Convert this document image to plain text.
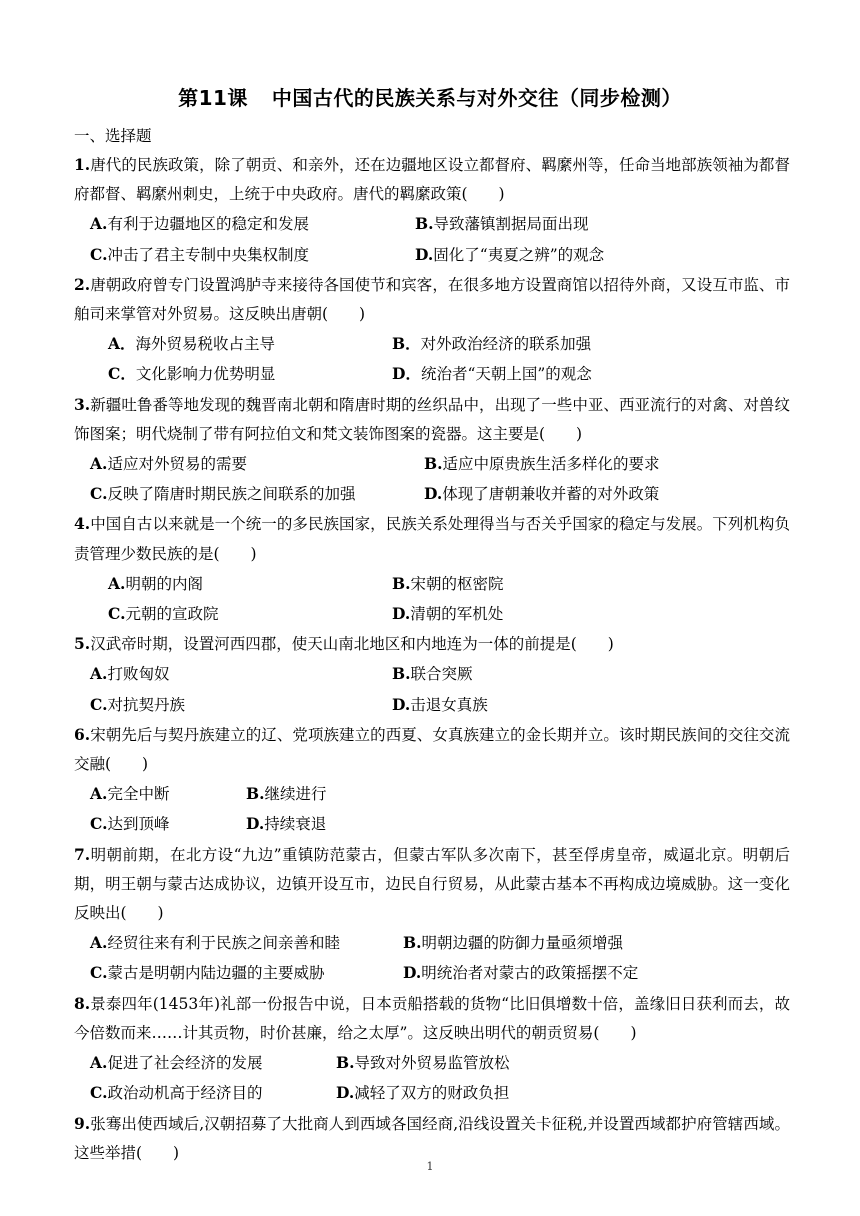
第11课 中国古代的民族关系与对外交往（同步检测）
一、选择题
1.唐代的民族政策，除了朝贡、和亲外，还在边疆地区设立都督府、羁縻州等，任命当地部族领袖为都督府都督、羁縻州刺史，上统于中央政府。唐代的羁縻政策(　　)
A.有利于边疆地区的稳定和发展	B.导致藩镇割据局面出现
C.冲击了君主专制中央集权制度	D.固化了“夷夏之辨”的观念
2.唐朝政府曾专门设置鸿胪寺来接待各国使节和宾客，在很多地方设置商馆以招待外商，又设互市监、市舶司来掌管对外贸易。这反映出唐朝(　　)
A．海外贸易税收占主导	B．对外政治经济的联系加强
C．文化影响力优势明显	D．统治者“天朝上国”的观念
3.新疆吐鲁番等地发现的魏晋南北朝和隋唐时期的丝织品中，出现了一些中亚、西亚流行的对禽、对兽纹饰图案；明代烧制了带有阿拉伯文和梵文装饰图案的瓷器。这主要是(　　)
A.适应对外贸易的需要	B.适应中原贵族生活多样化的要求
C.反映了隋唐时期民族之间联系的加强	D.体现了唐朝兼收并蓄的对外政策
4.中国自古以来就是一个统一的多民族国家，民族关系处理得当与否关乎国家的稳定与发展。下列机构负责管理少数民族的是(　　)
A.明朝的内阁	B.宋朝的枢密院
C.元朝的宣政院	D.清朝的军机处
5.汉武帝时期，设置河西四郡，使天山南北地区和内地连为一体的前提是(　　)
A.打败匈奴	B.联合突厥
C.对抗契丹族	D.击退女真族
6.宋朝先后与契丹族建立的辽、党项族建立的西夏、女真族建立的金长期并立。该时期民族间的交往交流交融(　　)
A.完全中断	B.继续进行
C.达到顶峰	D.持续衰退
7.明朝前期，在北方设“九边”重镇防范蒙古，但蒙古军队多次南下，甚至俘虏皇帝，威逼北京。明朝后期，明王朝与蒙古达成协议，边镇开设互市，边民自行贸易，从此蒙古基本不再构成边境威胁。这一变化反映出(　　)
A.经贸往来有利于民族之间亲善和睦	B.明朝边疆的防御力量亟须增强
C.蒙古是明朝内陆边疆的主要威胁	D.明统治者对蒙古的政策摇摆不定
8.景泰四年(1453年)礼部一份报告中说，日本贡船搭载的货物“比旧俱增数十倍，盖缘旧日获利而去，故今倍数而来……计其贡物，时价甚廉，给之太厚”。这反映出明代的朝贡贸易(　　)
A.促进了社会经济的发展	B.导致对外贸易监管放松
C.政治动机高于经济目的	D.减轻了双方的财政负担
9.张骞出使西域后,汉朝招募了大批商人到西域各国经商,沿线设置关卡征税,并设置西域都护府管辖西域。这些举措(　　)
1
